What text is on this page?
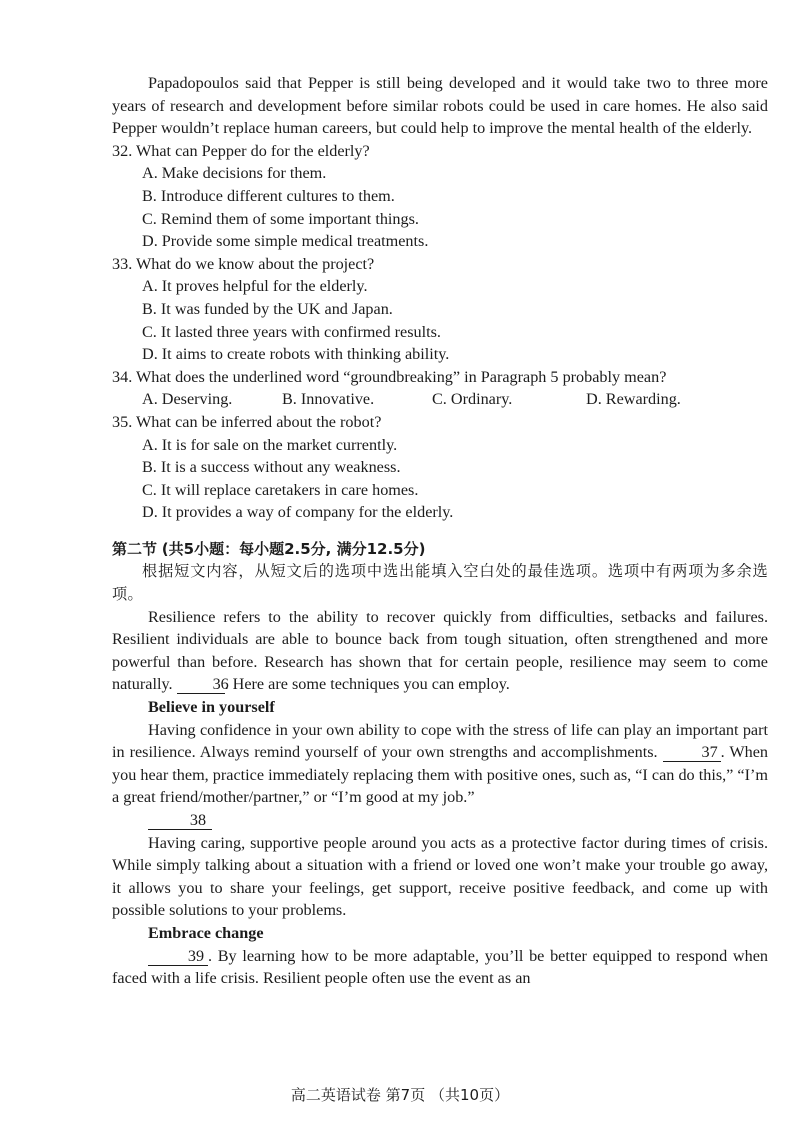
Papadopoulos said that Pepper is still being developed and it would take two to three more years of research and development before similar robots could be used in care homes. He also said Pepper wouldn’t replace human careers, but could help to improve the mental health of the elderly.

32. What can Pepper do for the elderly?

A. Make decisions for them.

B. Introduce different cultures to them.

C. Remind them of some important things.

D. Provide some simple medical treatments.

33. What do we know about the project?

A. It proves helpful for the elderly.

B. It was funded by the UK and Japan.

C. It lasted three years with confirmed results.

D. It aims to create robots with thinking ability.

34. What does the underlined word “groundbreaking” in Paragraph 5 probably mean?

A. Deserving.	B. Innovative.	C. Ordinary.	D. Rewarding.

35. What can be inferred about the robot?

A. It is for sale on the market currently.

B. It is a success without any weakness.

C. It will replace caretakers in care homes.

D. It provides a way of company for the elderly.

第二节 (共5小题：每小题2.5分, 满分12.5分)

根据短文内容，从短文后的选项中选出能填入空白处的最佳选项。选项中有两项为多余选项。

Resilience refers to the ability to recover quickly from difficulties, setbacks and failures. Resilient individuals are able to bounce back from tough situation, often strengthened and more powerful than before. Research has shown that for certain people, resilience may seem to come naturally. 36. Here are some techniques you can employ.

Believe in yourself

Having confidence in your own ability to cope with the stress of life can play an important part in resilience. Always remind yourself of your own strengths and accomplishments. 37 . When you hear them, practice immediately replacing them with positive ones, such as, “I can do this,” “I’m a great friend/mother/partner,” or “I’m good at my job.”

38

Having caring, supportive people around you acts as a protective factor during times of crisis. While simply talking about a situation with a friend or loved one won’t make your trouble go away, it allows you to share your feelings, get support, receive positive feedback, and come up with possible solutions to your problems.

Embrace change

39 . By learning how to be more adaptable, you’ll be better equipped to respond when faced with a life crisis. Resilient people often use the event as an

高二英语试卷 第7页 （共10页）
